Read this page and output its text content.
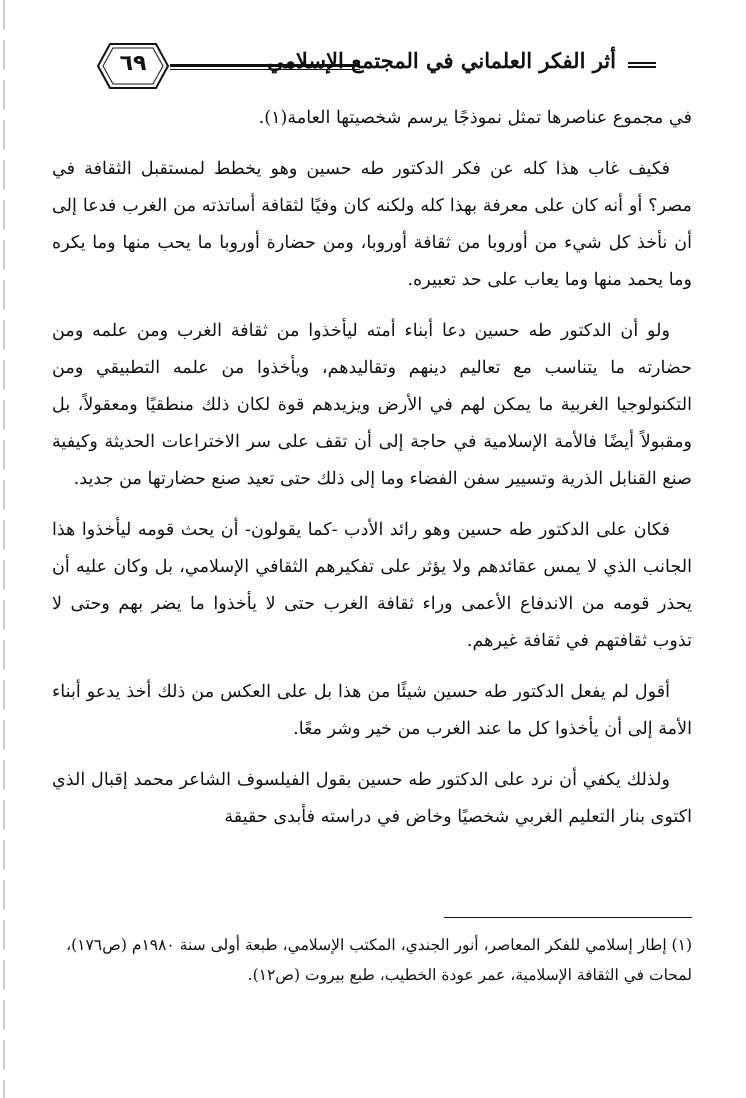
٦٩	أثر الفكر العلماني في المجتمع الإسلامي

في مجموع عناصرها تمثل نموذجًا يرسم شخصيتها العامة(١).

فكيف غاب هذا كله عن فكر الدكتور طه حسين وهو يخطط لمستقبل الثقافة في مصر؟ أو أنه كان على معرفة بهذا كله ولكنه كان وفيًا لثقافة أساتذته من الغرب فدعا إلى أن نأخذ كل شيء من أوروبا من ثقافة أوروبا، ومن حضارة أوروبا ما يحب منها وما يكره وما يحمد منها وما يعاب على حد تعبيره.

ولو أن الدكتور طه حسين دعا أبناء أمته ليأخذوا من ثقافة الغرب ومن علمه ومن حضارته ما يتناسب مع تعاليم دينهم وتقاليدهم، ويأخذوا من علمه التطبيقي ومن التكنولوجيا الغربية ما يمكن لهم في الأرض ويزيدهم قوة لكان ذلك منطقيًا ومعقولاً، بل ومقبولاً أيضًا فالأمة الإسلامية في حاجة إلى أن تقف على سر الاختراعات الحديثة وكيفية صنع القنابل الذرية وتسيير سفن الفضاء وما إلى ذلك حتى تعيد صنع حضارتها من جديد.

فكان على الدكتور طه حسين وهو رائد الأدب -كما يقولون- أن يحث قومه ليأخذوا هذا الجانب الذي لا يمس عقائدهم ولا يؤثر على تفكيرهم الثقافي الإسلامي، بل وكان عليه أن يحذر قومه من الاندفاع الأعمى وراء ثقافة الغرب حتى لا يأخذوا ما يضر بهم وحتى لا تذوب ثقافتهم في ثقافة غيرهم.

أقول لم يفعل الدكتور طه حسين شيئًا من هذا بل على العكس من ذلك أخذ يدعو أبناء الأمة إلى أن يأخذوا كل ما عند الغرب من خير وشر معًا.

ولذلك يكفي أن نرد على الدكتور طه حسين بقول الفيلسوف الشاعر محمد إقبال الذي اكتوى بنار التعليم الغربي شخصيًا وخاض في دراسته فأبدى حقيقة

(١) إطار إسلامي للفكر المعاصر، أنور الجندي، المكتب الإسلامي، طبعة أولى سنة ١٩٨٠م (ص١٧٦)، لمحات في الثقافة الإسلامية، عمر عودة الخطيب، طبع بيروت (ص١٢).
